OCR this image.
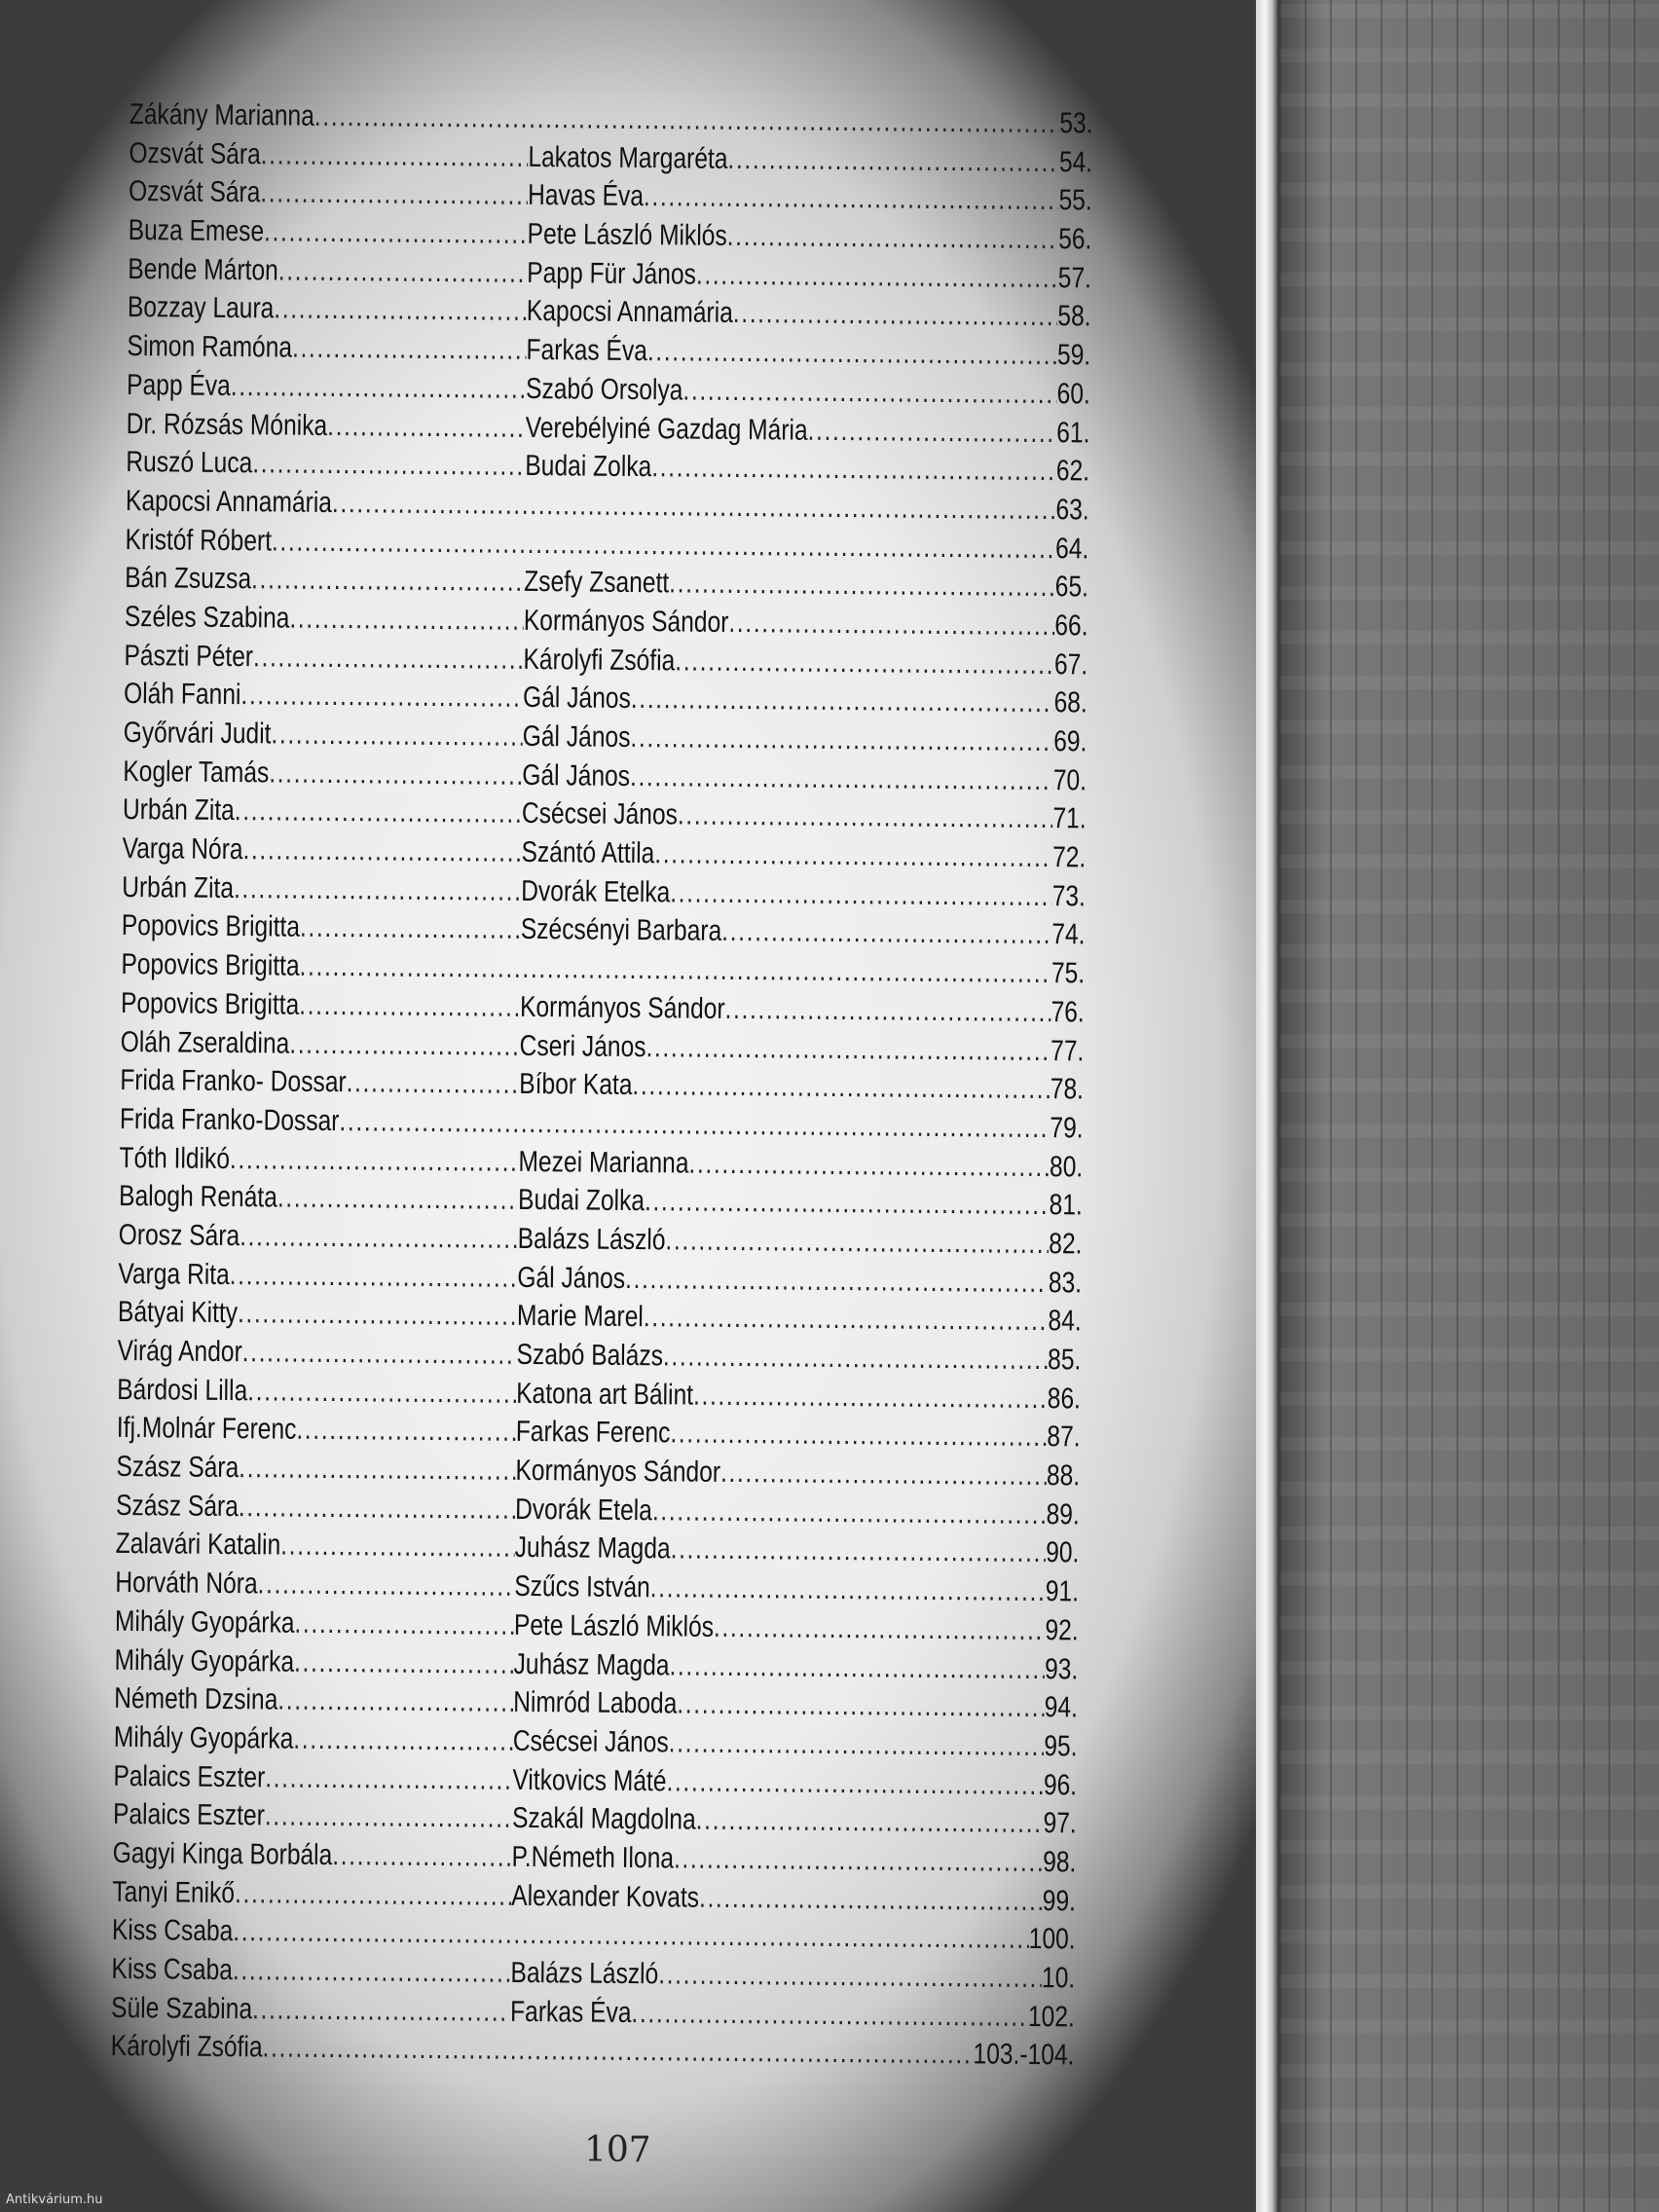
Zákány Marianna .....	53.
Ozsvát Sára .....	Lakatos Margaréta .....	54.
Ozsvát Sára .....	Havas Éva .....	55.
Buza Emese .....	Pete László Miklós .....	56.
Bende Márton .....	Papp Für János .....	57.
Bozzay Laura .....	Kapocsi Annamária .....	58.
Simon Ramóna .....	Farkas Éva .....	59.
Papp Éva .....	Szabó Orsolya .....	60.
Dr. Rózsás Mónika .....	Verebélyiné Gazdag Mária .....	61.
Ruszó Luca .....	Budai Zolka .....	62.
Kapocsi Annamária .....	63.
Kristóf Róbert .....	64.
Bán Zsuzsa .....	Zsefy Zsanett .....	65.
Széles Szabina .....	Kormányos Sándor .....	66.
Pászti Péter .....	Károlyfi Zsófia .....	67.
Oláh Fanni .....	Gál János .....	68.
Győrvári Judit .....	Gál János .....	69.
Kogler Tamás .....	Gál János .....	70.
Urbán Zita .....	Csécsei János .....	71.
Varga Nóra .....	Szántó Attila .....	72.
Urbán Zita .....	Dvorák Etelka .....	73.
Popovics Brigitta .....	Szécsényi Barbara .....	74.
Popovics Brigitta .....	75.
Popovics Brigitta .....	Kormányos Sándor .....	76.
Oláh Zseraldina .....	Cseri János .....	77.
Frida Franko- Dossar .....	Bíbor Kata .....	78.
Frida Franko-Dossar .....	79.
Tóth Ildikó .....	Mezei Marianna .....	80.
Balogh Renáta .....	Budai Zolka .....	81.
Orosz Sára .....	Balázs László .....	82.
Varga Rita .....	Gál János .....	83.
Bátyai Kitty .....	Marie Marel .....	84.
Virág Andor .....	Szabó Balázs .....	85.
Bárdosi Lilla .....	Katona art Bálint .....	86.
Ifj.Molnár Ferenc .....	Farkas Ferenc .....	87.
Szász Sára .....	Kormányos Sándor .....	88.
Szász Sára .....	Dvorák Etela .....	89.
Zalavári Katalin .....	Juhász Magda .....	90.
Horváth Nóra .....	Szűcs István .....	91.
Mihály Gyopárka .....	Pete László Miklós .....	92.
Mihály Gyopárka .....	Juhász Magda .....	93.
Németh Dzsina .....	Nimród Laboda .....	94.
Mihály Gyopárka .....	Csécsei János .....	95.
Palaics Eszter .....	Vitkovics Máté .....	96.
Palaics Eszter .....	Szakál Magdolna .....	97.
Gagyi Kinga Borbála .....	P.Németh Ilona .....	98.
Tanyi Enikő .....	Alexander Kovats .....	99.
Kiss Csaba .....	100.
Kiss Csaba .....	Balázs László .....	10.
Süle Szabina .....	Farkas Éva .....	102.
Károlyfi Zsófia .....	103.-104.
107
Antikvárium.hu
